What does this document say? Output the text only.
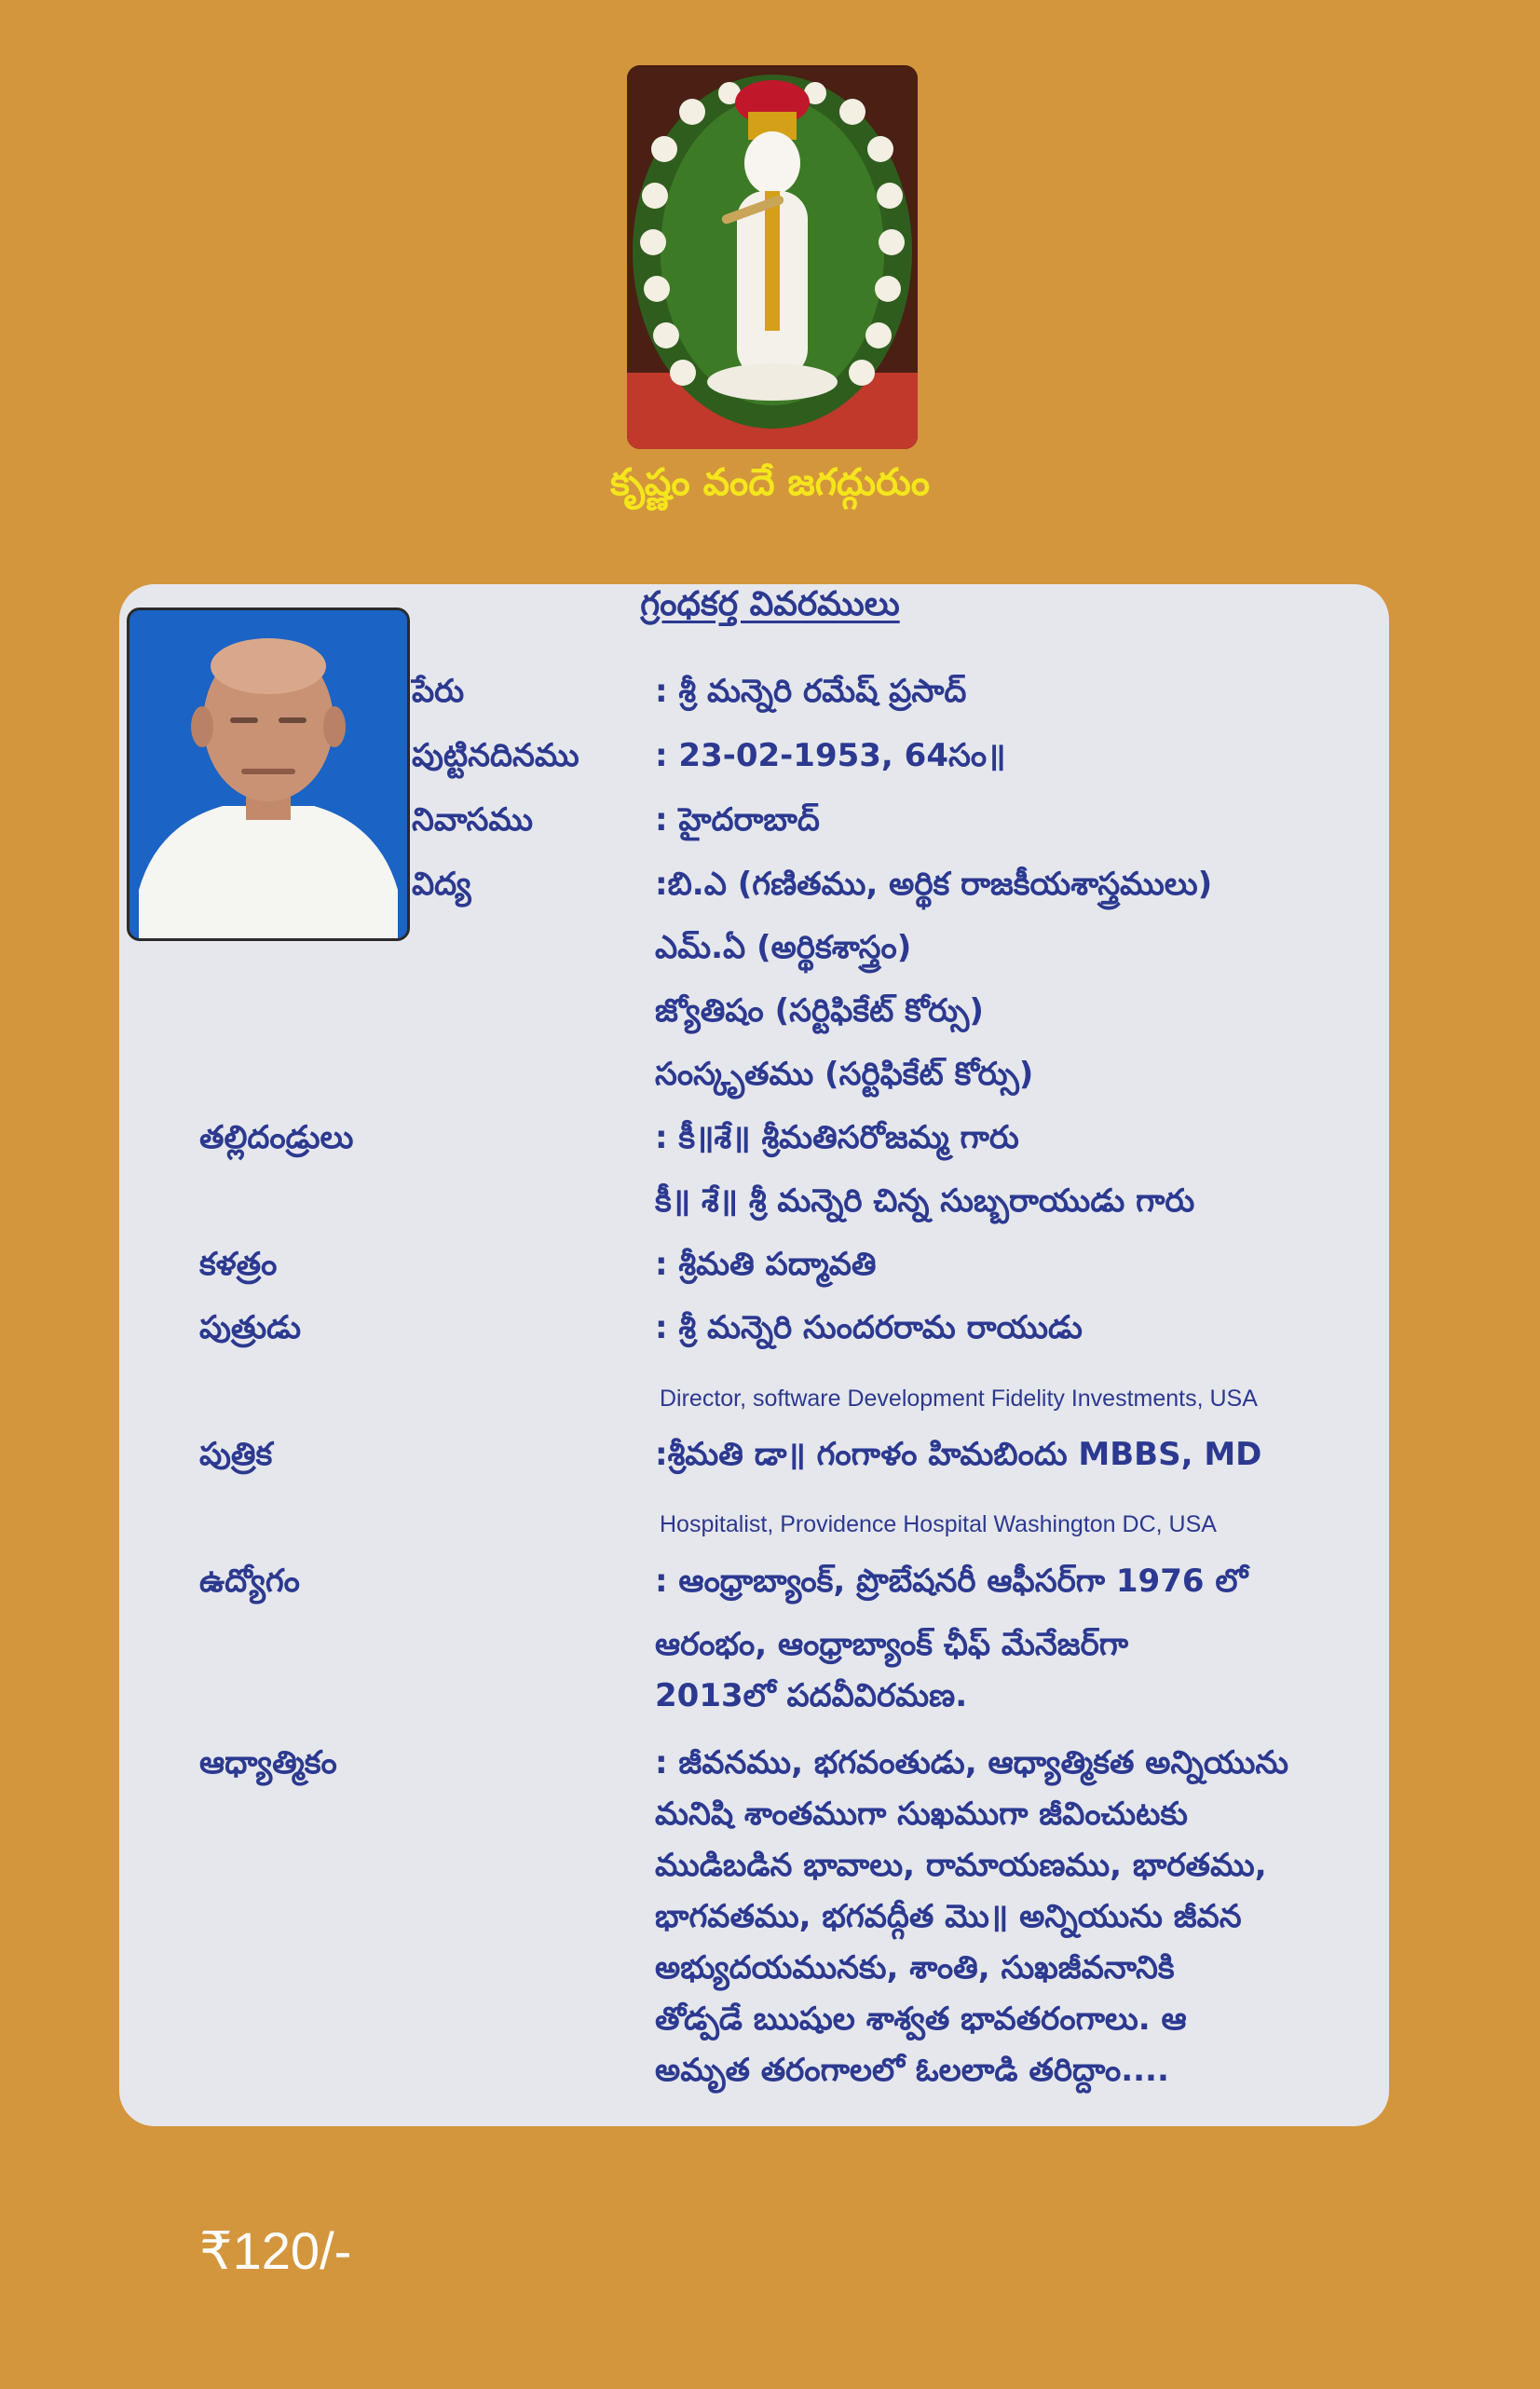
కృష్ణం వందే జగద్గురుం
గ్రంధకర్త వివరములు
పేరు	: శ్రీ మన్నెరి రమేష్ ప్రసాద్
పుట్టినదినము : 23-02-1953, 64సం॥
నివాసము	: హైదరాబాద్
విద్య	:బి.ఎ (గణితము, అర్థిక రాజకీయశాస్త్రములు)
ఎమ్.ఏ (అర్థికశాస్త్రం)
జ్యోతిషం (సర్టిఫికేట్ కోర్సు)
సంస్కృతము (సర్టిఫికేట్ కోర్సు)
తల్లిదండ్రులు	: కీ॥శే॥ శ్రీమతిసరోజమ్మ గారు
కీ॥ శే॥ శ్రీ మన్నెరి చిన్న సుబ్బరాయుడు గారు
కళత్రం	: శ్రీమతి పద్మావతి
పుత్రుడు	: శ్రీ మన్నెరి సుందరరామ రాయుడు
Director, software Development Fidelity Investments, USA
పుత్రిక	:శ్రీమతి డా॥ గంగాళం హిమబిందు MBBS, MD
Hospitalist, Providence Hospital Washington DC, USA
ఉద్యోగం	: ఆంధ్రాబ్యాంక్, ప్రొబేషనరీ ఆఫీసర్‌గా 1976 లో
ఆరంభం, ఆంధ్రాబ్యాంక్ ఛీఫ్ మేనేజర్‌గా
2013లో పదవీవిరమణ.
ఆధ్యాత్మికం	: జీవనము, భగవంతుడు, ఆధ్యాత్మికత అన్నియును
మనిషి శాంతముగా సుఖముగా జీవించుటకు
ముడిబడిన భావాలు, రామాయణము, భారతము,
భాగవతము, భగవద్గీత మొ॥ అన్నియును జీవన
అభ్యుదయమునకు, శాంతి, సుఖజీవనానికి
తోడ్పడే ఋషుల శాశ్వత భావతరంగాలు. ఆ
అమృత తరంగాలలో ఓలలాడి తరిద్దాం....
₹120/-
